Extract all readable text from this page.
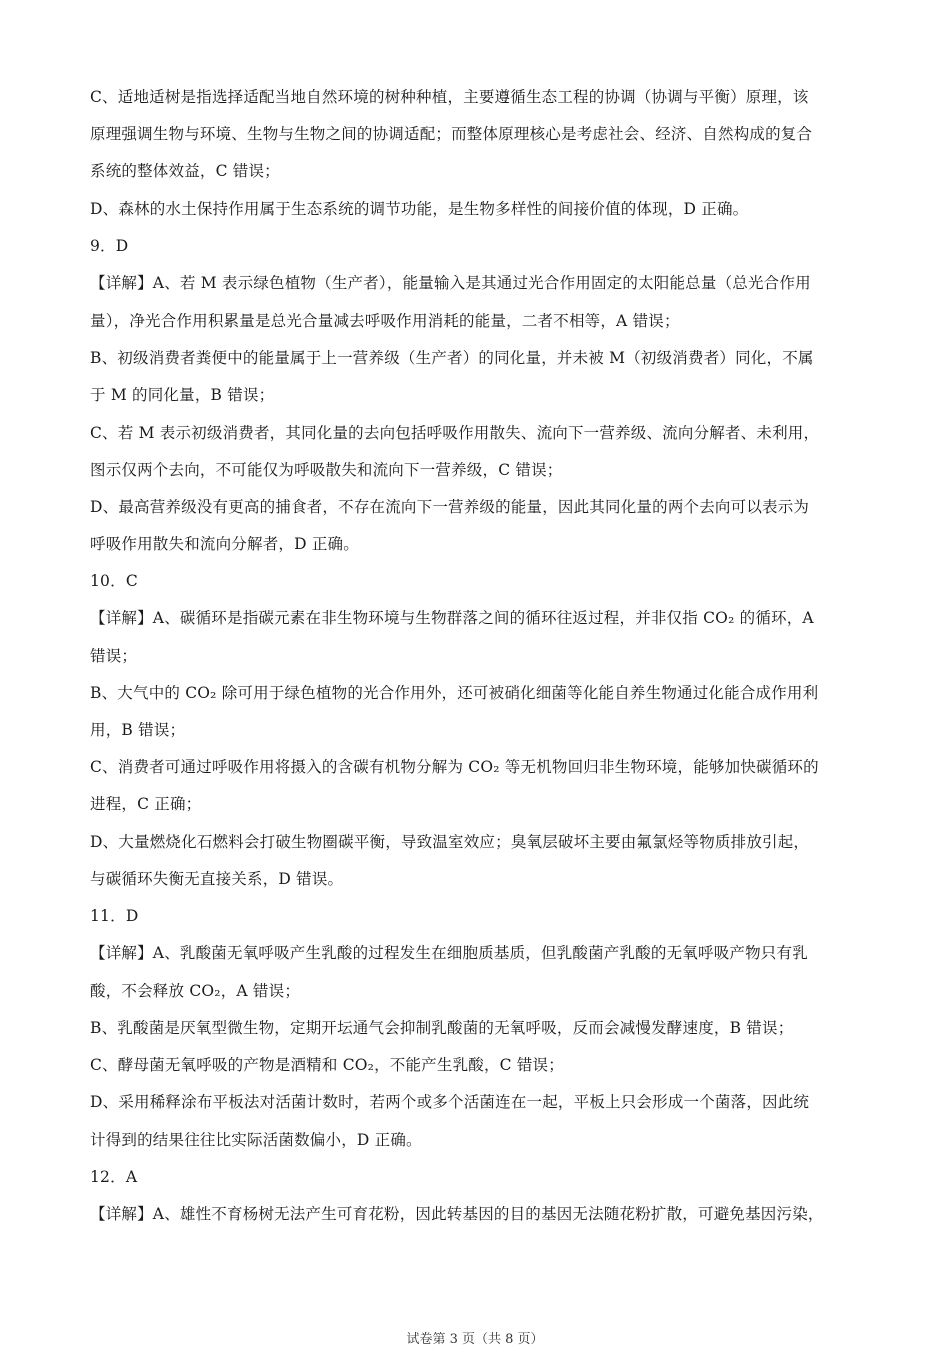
C、适地适树是指选择适配当地自然环境的树种种植，主要遵循生态工程的协调（协调与平衡）原理，该
原理强调生物与环境、生物与生物之间的协调适配；而整体原理核心是考虑社会、经济、自然构成的复合
系统的整体效益，C 错误；
D、森林的水土保持作用属于生态系统的调节功能，是生物多样性的间接价值的体现，D 正确。
9．D
【详解】A、若 M 表示绿色植物（生产者），能量输入是其通过光合作用固定的太阳能总量（总光合作用
量），净光合作用积累量是总光合量减去呼吸作用消耗的能量，二者不相等，A 错误；
B、初级消费者粪便中的能量属于上一营养级（生产者）的同化量，并未被 M（初级消费者）同化，不属
于 M 的同化量，B 错误；
C、若 M 表示初级消费者，其同化量的去向包括呼吸作用散失、流向下一营养级、流向分解者、未利用，
图示仅两个去向，不可能仅为呼吸散失和流向下一营养级，C 错误；
D、最高营养级没有更高的捕食者，不存在流向下一营养级的能量，因此其同化量的两个去向可以表示为
呼吸作用散失和流向分解者，D 正确。
10．C
【详解】A、碳循环是指碳元素在非生物环境与生物群落之间的循环往返过程，并非仅指 CO₂ 的循环，A
错误；
B、大气中的 CO₂ 除可用于绿色植物的光合作用外，还可被硝化细菌等化能自养生物通过化能合成作用利
用，B 错误；
C、消费者可通过呼吸作用将摄入的含碳有机物分解为 CO₂ 等无机物回归非生物环境，能够加快碳循环的
进程，C 正确；
D、大量燃烧化石燃料会打破生物圈碳平衡，导致温室效应；臭氧层破坏主要由氟氯烃等物质排放引起，
与碳循环失衡无直接关系，D 错误。
11．D
【详解】A、乳酸菌无氧呼吸产生乳酸的过程发生在细胞质基质，但乳酸菌产乳酸的无氧呼吸产物只有乳
酸，不会释放 CO₂，A 错误；
B、乳酸菌是厌氧型微生物，定期开坛通气会抑制乳酸菌的无氧呼吸，反而会减慢发酵速度，B 错误；
C、酵母菌无氧呼吸的产物是酒精和 CO₂，不能产生乳酸，C 错误；
D、采用稀释涂布平板法对活菌计数时，若两个或多个活菌连在一起，平板上只会形成一个菌落，因此统
计得到的结果往往比实际活菌数偏小，D 正确。
12．A
【详解】A、雄性不育杨树无法产生可育花粉，因此转基因的目的基因无法随花粉扩散，可避免基因污染，
试卷第 3 页（共 8 页）
